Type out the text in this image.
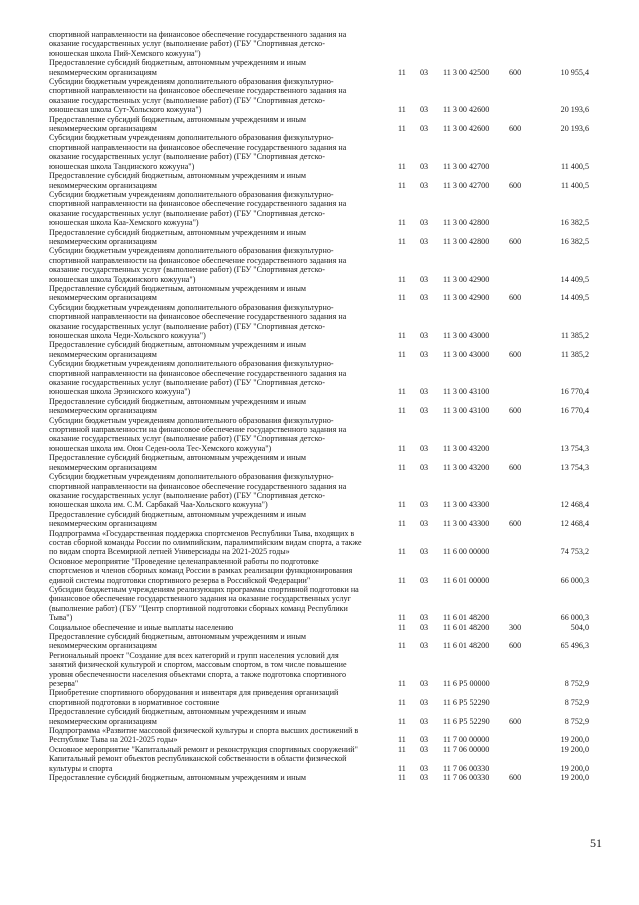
спортивной направленности на финансовое обеспечение государственного задания на
оказание государственных услуг (выполнение работ) (ГБУ "Спортивная детско-
юношеская школа Пий-Хемского кожууна")
Предоставление субсидий бюджетным, автономным учреждениям и иным
некоммерческим организациям	11 03 11 3 00 42500 600	10 955,4
Субсидии бюджетным учреждениям дополнительного образования физкультурно-
спортивной направленности на финансовое обеспечение государственного задания на
оказание государственных услуг (выполнение работ) (ГБУ "Спортивная детско-
юношеская школа Сут-Хольского кожууна")	11 03 11 3 00 42600	20 193,6
Предоставление субсидий бюджетным, автономным учреждениям и иным
некоммерческим организациям	11 03 11 3 00 42600 600	20 193,6
Субсидии бюджетным учреждениям дополнительного образования физкультурно-
спортивной направленности на финансовое обеспечение государственного задания на
оказание государственных услуг (выполнение работ) (ГБУ "Спортивная детско-
юношеская школа Тандинского кожууна")	11 03 11 3 00 42700	11 400,5
Предоставление субсидий бюджетным, автономным учреждениям и иным
некоммерческим организациям	11 03 11 3 00 42700 600	11 400,5
Субсидии бюджетным учреждениям дополнительного образования физкультурно-
спортивной направленности на финансовое обеспечение государственного задания на
оказание государственных услуг (выполнение работ) (ГБУ "Спортивная детско-
юношеская школа Каа-Хемского кожууна")	11 03 11 3 00 42800	16 382,5
Предоставление субсидий бюджетным, автономным учреждениям и иным
некоммерческим организациям	11 03 11 3 00 42800 600	16 382,5
Субсидии бюджетным учреждениям дополнительного образования физкультурно-
спортивной направленности на финансовое обеспечение государственного задания на
оказание государственных услуг (выполнение работ) (ГБУ "Спортивная детско-
юношеская школа Тоджинского кожууна")	11 03 11 3 00 42900	14 409,5
Предоставление субсидий бюджетным, автономным учреждениям и иным
некоммерческим организациям	11 03 11 3 00 42900 600	14 409,5
Субсидии бюджетным учреждениям дополнительного образования физкультурно-
спортивной направленности на финансовое обеспечение государственного задания на
оказание государственных услуг (выполнение работ) (ГБУ "Спортивная детско-
юношеская школа Чеди-Хольского кожууна")	11 03 11 3 00 43000	11 385,2
Предоставление субсидий бюджетным, автономным учреждениям и иным
некоммерческим организациям	11 03 11 3 00 43000 600	11 385,2
Субсидии бюджетным учреждениям дополнительного образования физкультурно-
спортивной направленности на финансовое обеспечение государственного задания на
оказание государственных услуг (выполнение работ) (ГБУ "Спортивная детско-
юношеская школа Эрзинского кожууна")	11 03 11 3 00 43100	16 770,4
Предоставление субсидий бюджетным, автономным учреждениям и иным
некоммерческим организациям	11 03 11 3 00 43100 600	16 770,4
Субсидии бюджетным учреждениям дополнительного образования физкультурно-
спортивной направленности на финансовое обеспечение государственного задания на
оказание государственных услуг (выполнение работ) (ГБУ "Спортивная детско-
юношеская школа им. Оюн Седен-оола Тес-Хемского кожууна")	11 03 11 3 00 43200	13 754,3
Предоставление субсидий бюджетным, автономным учреждениям и иным
некоммерческим организациям	11 03 11 3 00 43200 600	13 754,3
Субсидии бюджетным учреждениям дополнительного образования физкультурно-
спортивной направленности на финансовое обеспечение государственного задания на
оказание государственных услуг (выполнение работ) (ГБУ "Спортивная детско-
юношеская школа им. С.М. Сарбакай Чаа-Хольского кожууна")	11 03 11 3 00 43300	12 468,4
Предоставление субсидий бюджетным, автономным учреждениям и иным
некоммерческим организациям	11 03 11 3 00 43300 600	12 468,4
Подпрограмма «Государственная поддержка спортсменов Республики Тыва, входящих в
состав сборной команды России по олимпийским, паралимпийским видам спорта, а также
по видам спорта Всемирной летней Универсиады на 2021-2025 годы»	11 03 11 6 00 00000	74 753,2
Основное мероприятие "Проведение целенаправленной работы по подготовке
спортсменов и членов сборных команд России в рамках реализации функционирования
единой системы подготовки спортивного резерва в Российской Федерации"	11 03 11 6 01 00000	66 000,3
Субсидии бюджетным учреждениям реализующих программы спортивной подготовки на
финансовое обеспечение государственного задания на оказание государственных услуг
(выполнение работ) (ГБУ "Центр спортивной подготовки сборных команд Республики
Тыва")	11 03 11 6 01 48200	66 000,3
Социальное обеспечение и иные выплаты населению	11 03 11 6 01 48200 300	504,0
Предоставление субсидий бюджетным, автономным учреждениям и иным
некоммерческим организациям	11 03 11 6 01 48200 600	65 496,3
Региональный проект "Создание для всех категорий и групп населения условий для
занятий физической культурой и спортом, массовым спортом, в том числе повышение
уровня обеспеченности населения объектами спорта, а также подготовка спортивного
резерва"	11 03 11 6 P5 00000	8 752,9
Приобретение спортивного оборудования и инвентаря для приведения организаций
спортивной подготовки в нормативное состояние	11 03 11 6 P5 52290	8 752,9
Предоставление субсидий бюджетным, автономным учреждениям и иным
некоммерческим организациям	11 03 11 6 P5 52290 600	8 752,9
Подпрограмма «Развитие массовой физической культуры и спорта высших достижений в
Республике Тыва на 2021-2025 годы»	11 03 11 7 00 00000	19 200,0
Основное мероприятие "Капитальный ремонт и реконструкция спортивных сооружений"	11 03 11 7 06 00000	19 200,0
Капитальный ремонт объектов республиканской собственности в области физической
культуры и спорта	11 03 11 7 06 00330	19 200,0
Предоставление субсидий бюджетным, автономным учреждениям и иным	11 03 11 7 06 00330 600	19 200,0
51
